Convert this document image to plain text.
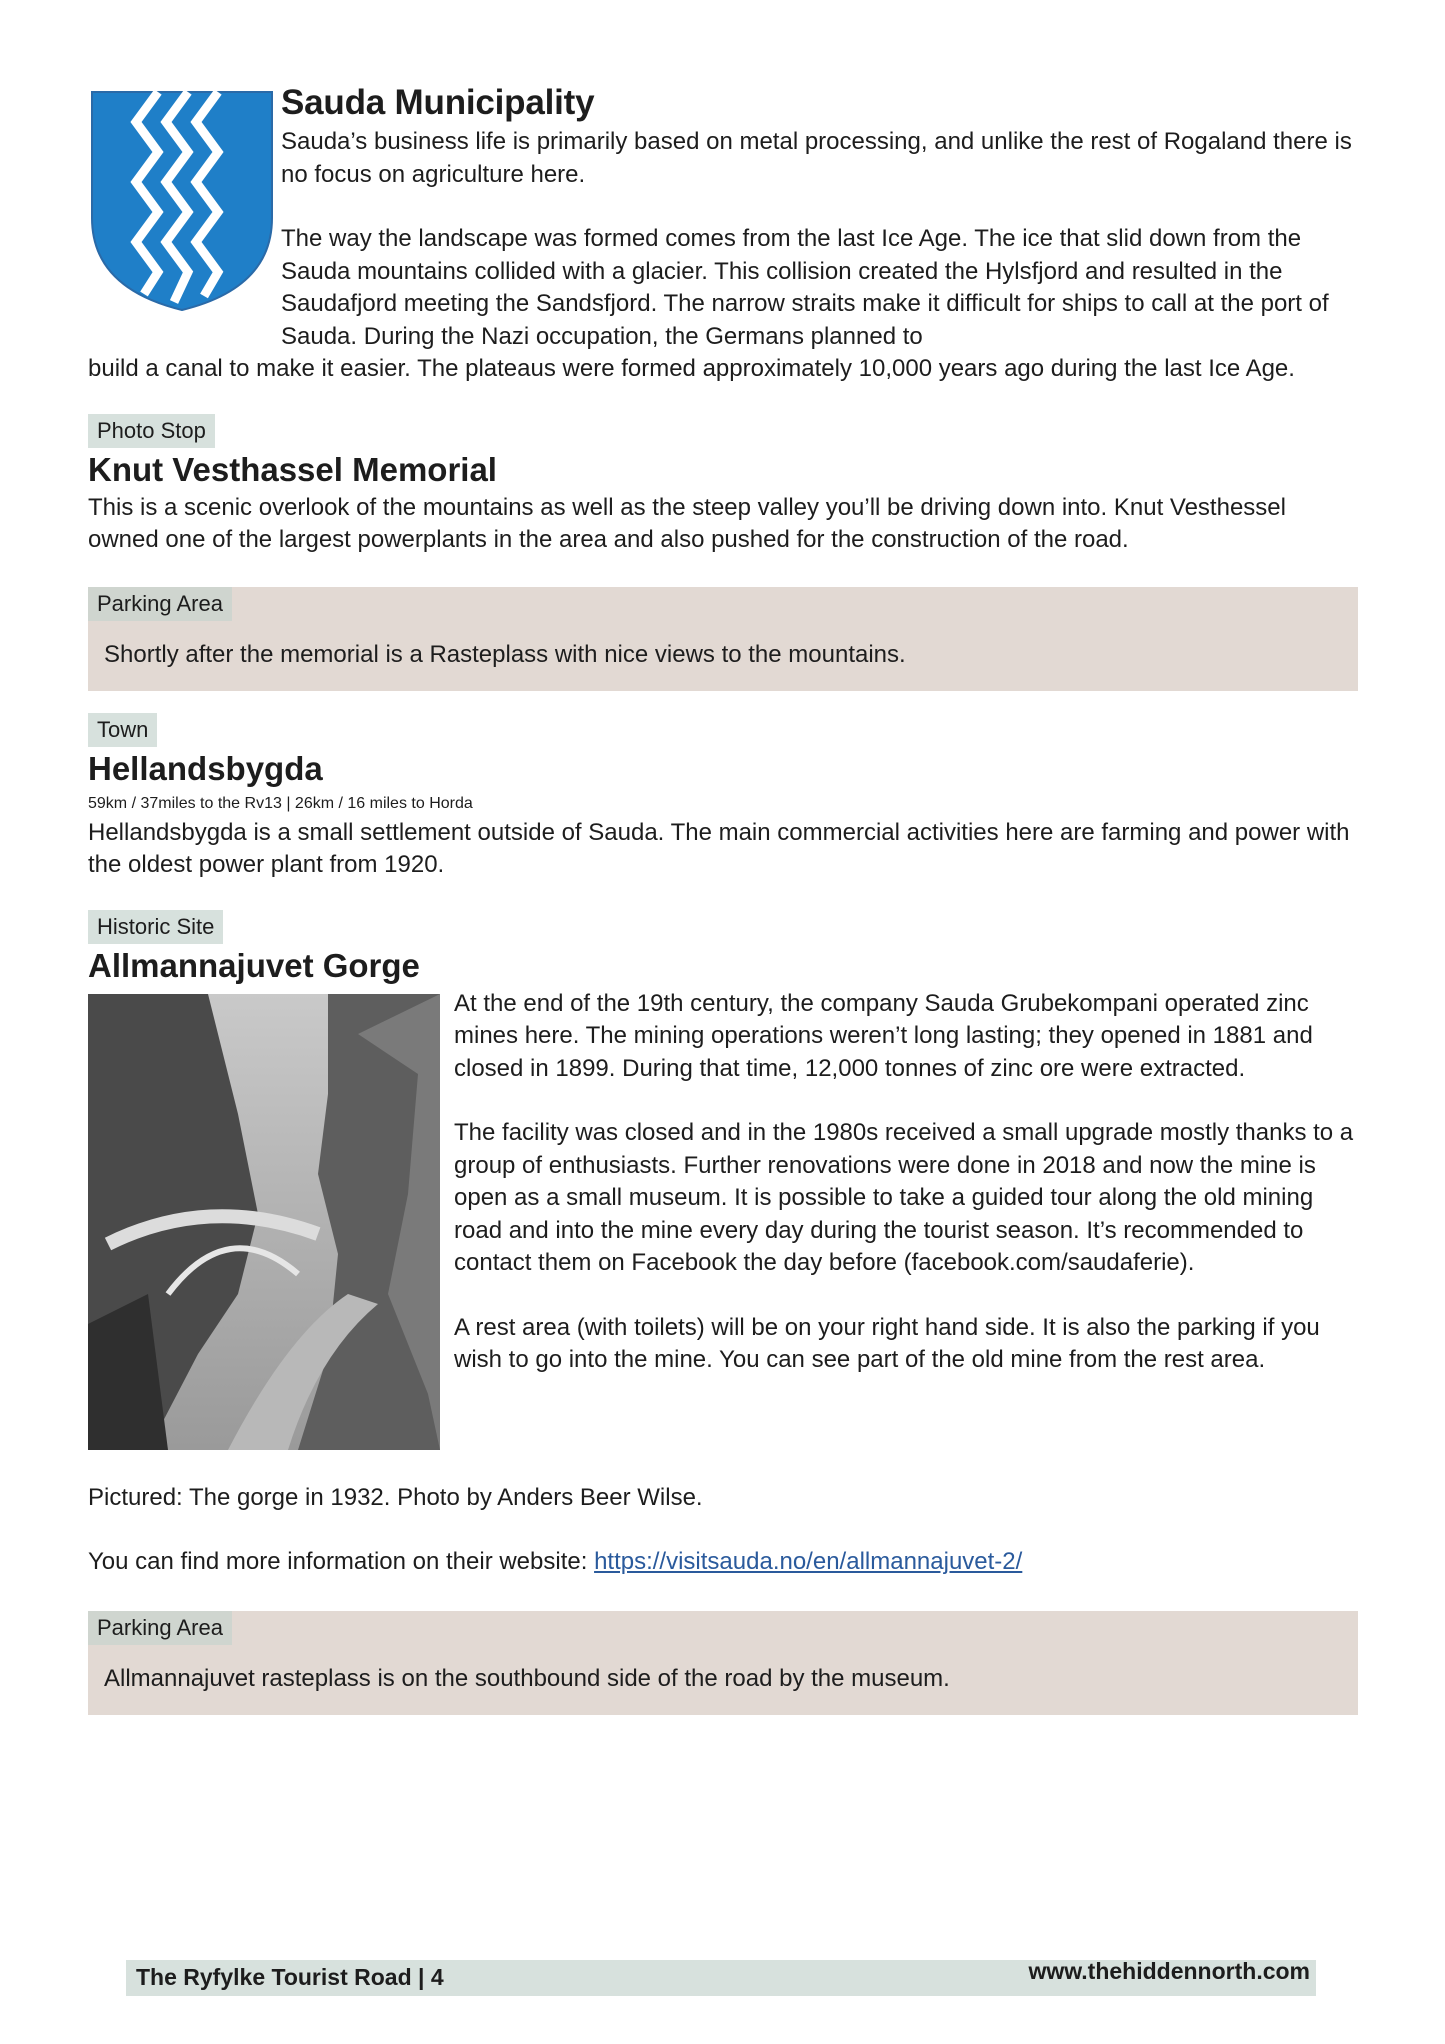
Sauda Municipality

Sauda’s business life is primarily based on metal processing, and unlike the rest of Rogaland there is no focus on agriculture here.

The way the landscape was formed comes from the last Ice Age. The ice that slid down from the Sauda mountains collided with a glacier. This collision created the Hylsfjord and resulted in the Saudafjord meeting the Sandsfjord. The narrow straits make it difficult for ships to call at the port of Sauda. During the Nazi occupation, the Germans planned to

build a canal to make it easier. The plateaus were formed approximately 10,000 years ago during the last Ice Age.

Photo Stop
Knut Vesthassel Memorial

This is a scenic overlook of the mountains as well as the steep valley you’ll be driving down into. Knut Vesthessel owned one of the largest powerplants in the area and also pushed for the construction of the road.

Parking Area

Shortly after the memorial is a Rasteplass with nice views to the mountains.

Town
Hellandsbygda

59km / 37miles to the Rv13 | 26km / 16 miles to Horda

Hellandsbygda is a small settlement outside of Sauda. The main commercial activities here are farming and power with the oldest power plant from 1920.

Historic Site
Allmannajuvet Gorge

At the end of the 19th century, the company Sauda Grubekompani operated zinc mines here. The mining operations weren’t long lasting; they opened in 1881 and closed in 1899. During that time, 12,000 tonnes of zinc ore were extracted.

The facility was closed and in the 1980s received a small upgrade mostly thanks to a group of enthusiasts. Further renovations were done in 2018 and now the mine is open as a small museum. It is possible to take a guided tour along the old mining road and into the mine every day during the tourist season. It’s recommended to contact them on Facebook the day before (facebook.com/saudaferie).

A rest area (with toilets) will be on your right hand side. It is also the parking if you wish to go into the mine. You can see part of the old mine from the rest area.

Pictured: The gorge in 1932. Photo by Anders Beer Wilse.

You can find more information on their website: https://visitsauda.no/en/allmannajuvet-2/

Parking Area

Allmannajuvet rasteplass is on the southbound side of the road by the museum.

The Ryfylke Tourist Road | 4	www.thehiddennorth.com
